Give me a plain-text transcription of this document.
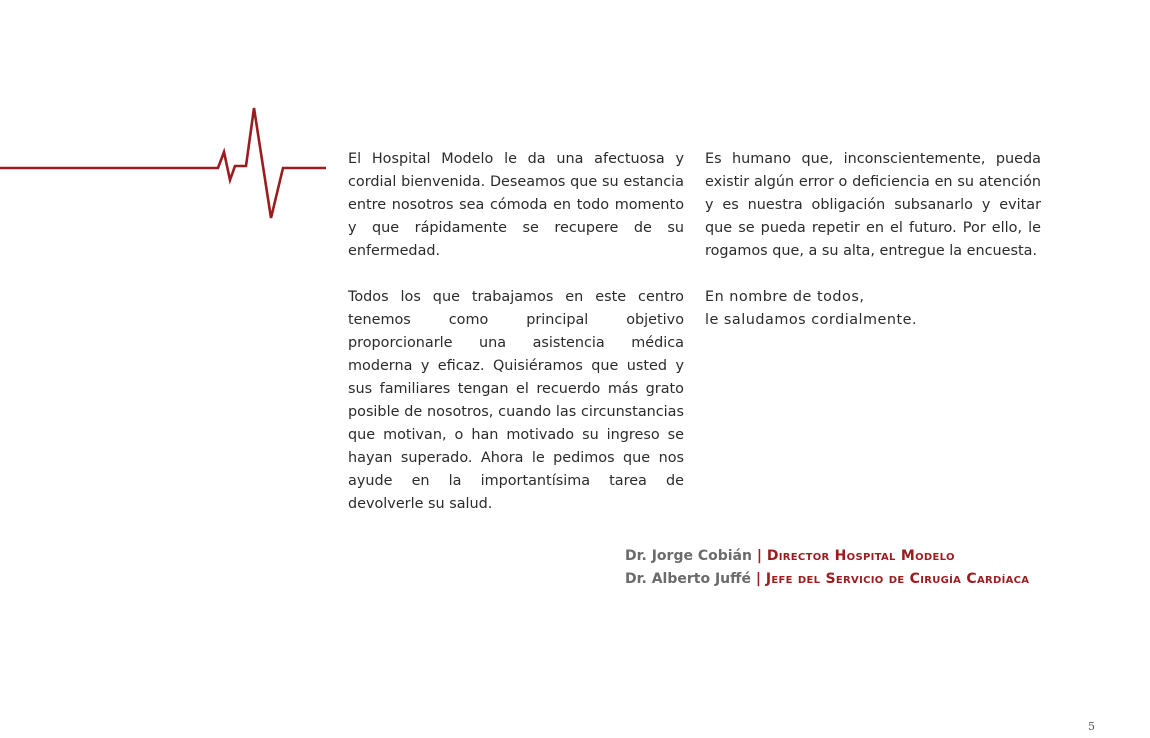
El Hospital Modelo le da una afectuosa y cordial bienvenida. Deseamos que su estancia entre nosotros sea cómoda en todo momento y que rápidamente se recupere de su enfermedad.

Todos los que trabajamos en este centro tenemos como principal objetivo proporcionarle una asistencia médica moderna y eficaz. Quisiéramos que usted y sus familiares tengan el recuerdo más grato posible de nosotros, cuando las circunstancias que motivan, o han motivado su ingreso se hayan superado. Ahora le pedimos que nos ayude en la importantísima tarea de devolverle su salud.

Es humano que, inconscientemente, pueda existir algún error o deficiencia en su atención y es nuestra obligación subsanarlo y evitar que se pueda repetir en el futuro. Por ello, le rogamos que, a su alta, entregue la encuesta.

En nombre de todos,
le saludamos cordialmente.

Dr. Jorge Cobián | Director Hospital Modelo
Dr. Alberto Juffé | Jefe del Servicio de Cirugía Cardíaca
5
